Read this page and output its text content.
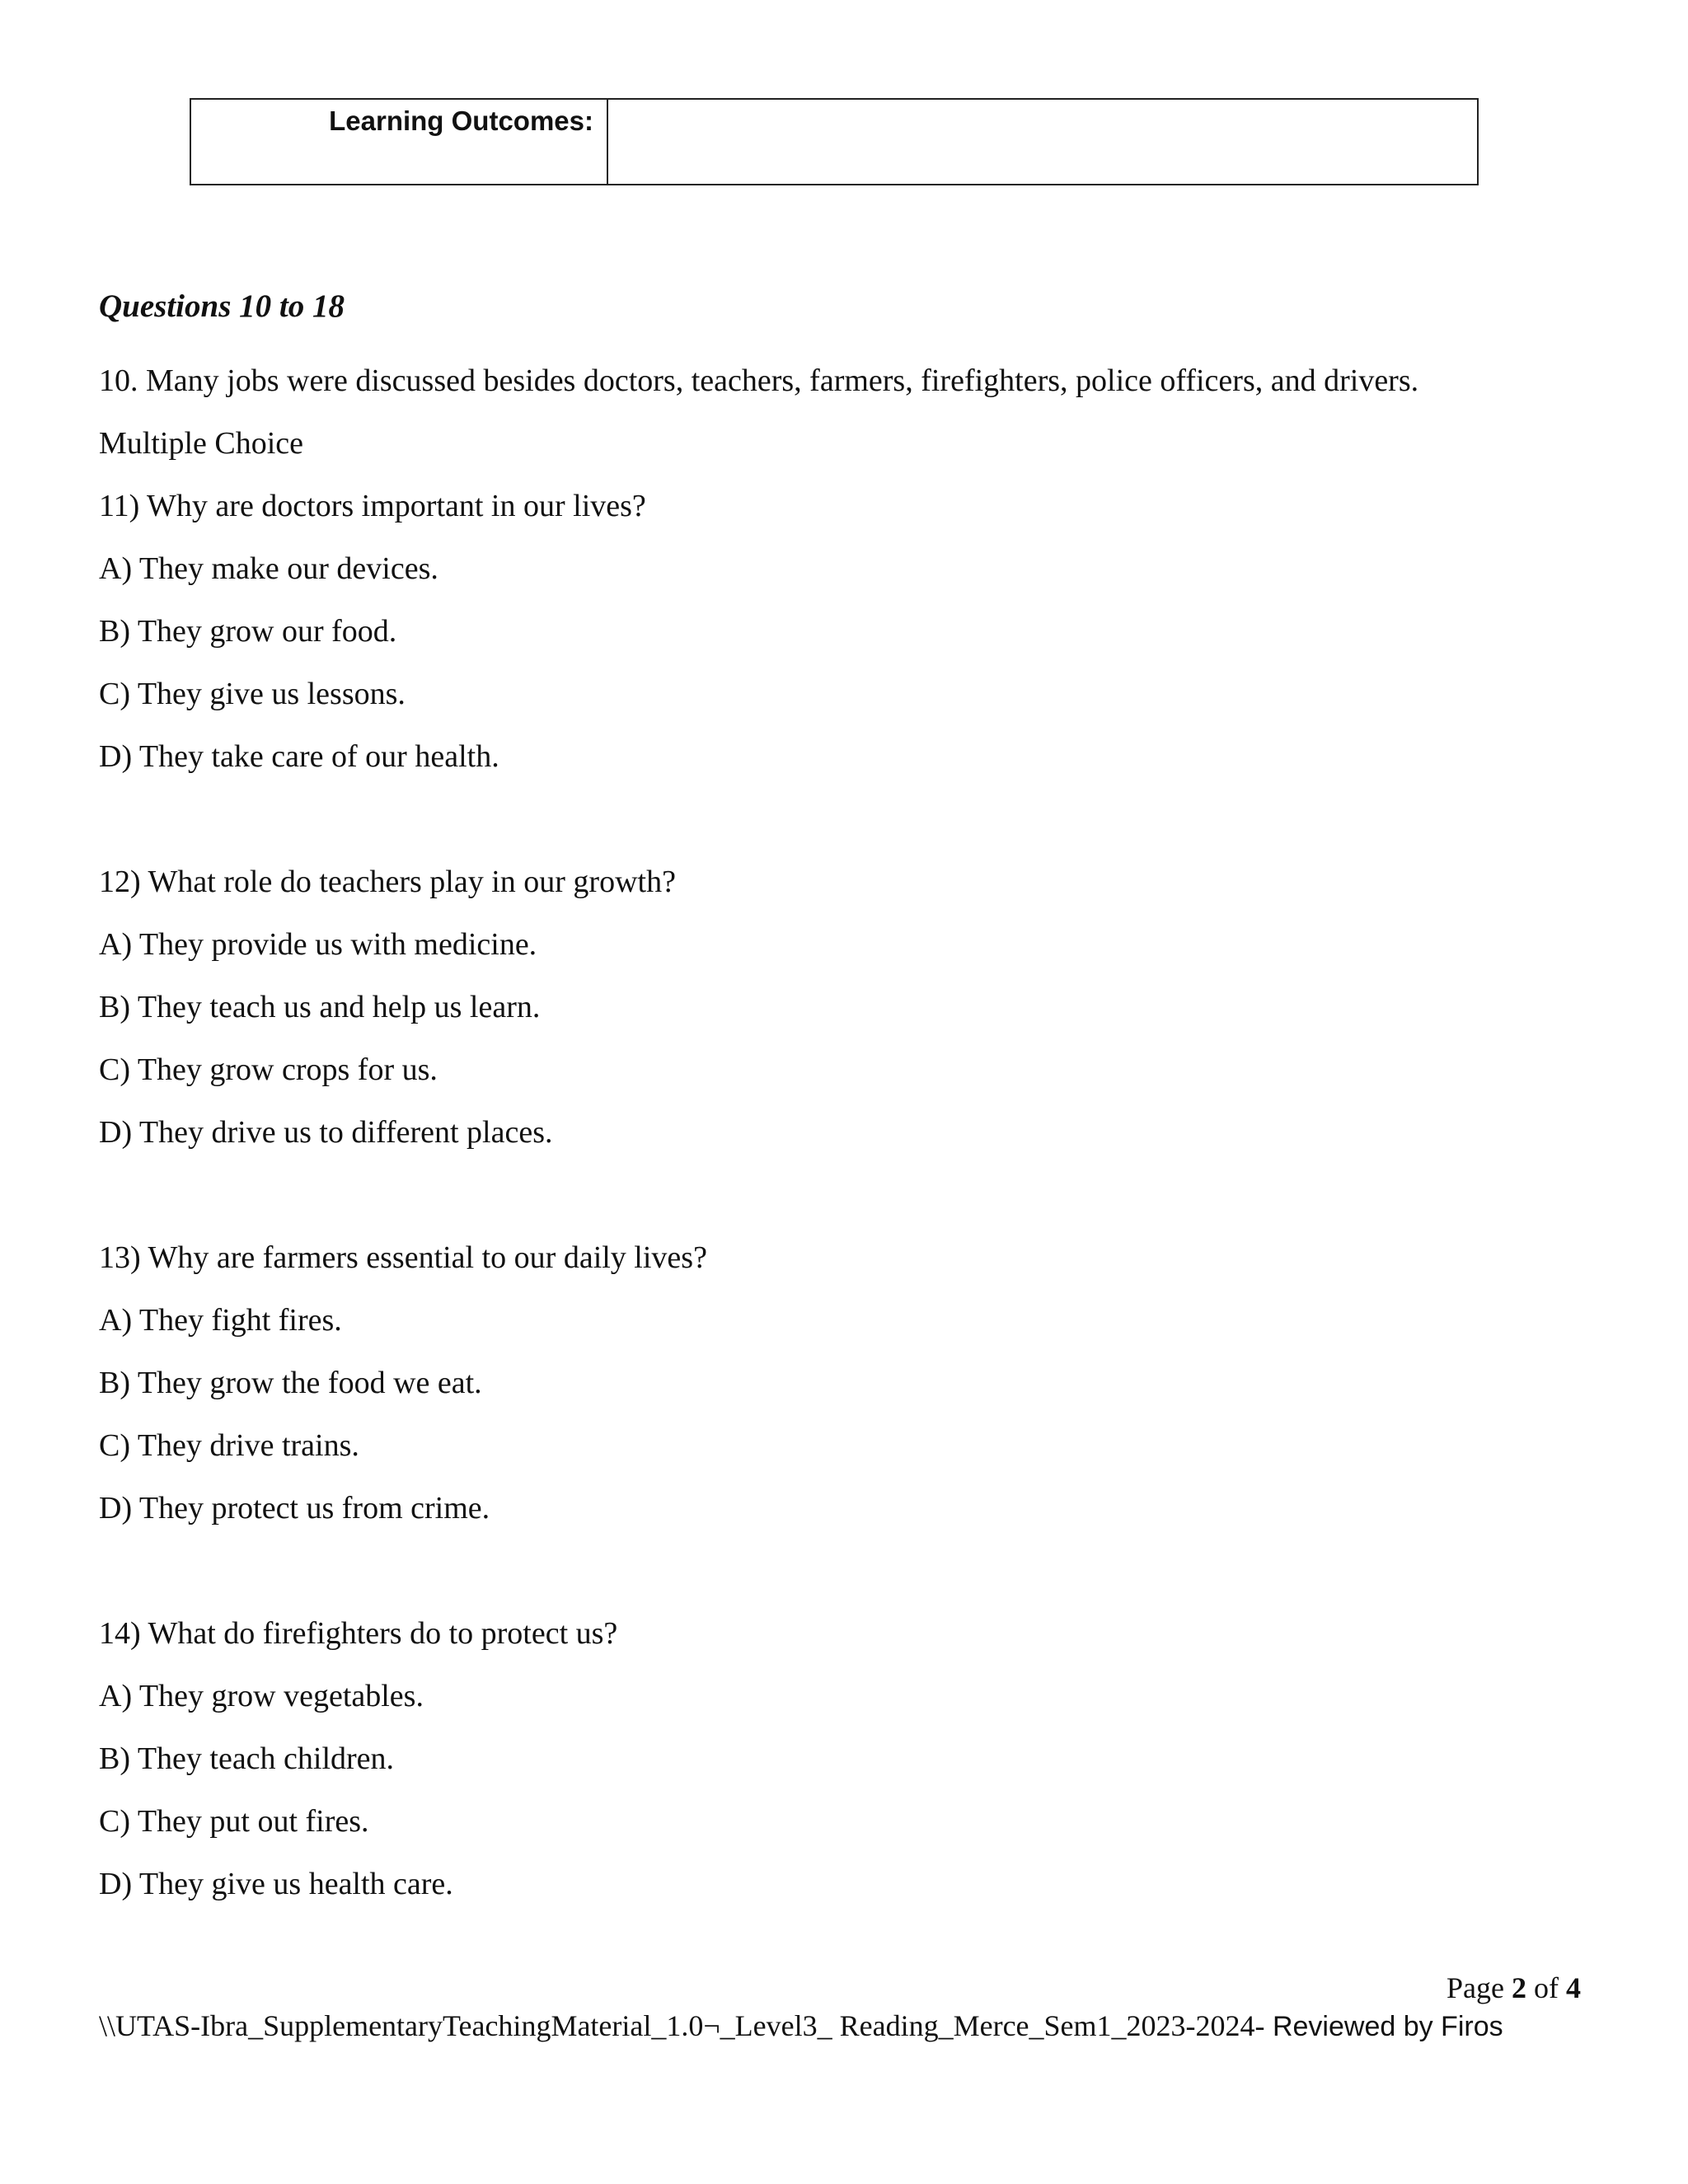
Learning Outcomes:
Questions 10 to 18
10. Many jobs were discussed besides doctors, teachers, farmers, firefighters, police officers, and drivers.
Multiple Choice
11) Why are doctors important in our lives?
A) They make our devices.
B) They grow our food.
C) They give us lessons.
D) They take care of our health.
12) What role do teachers play in our growth?
A) They provide us with medicine.
B) They teach us and help us learn.
C) They grow crops for us.
D) They drive us to different places.
13) Why are farmers essential to our daily lives?
A) They fight fires.
B) They grow the food we eat.
C) They drive trains.
D) They protect us from crime.
14) What do firefighters do to protect us?
A) They grow vegetables.
B) They teach children.
C) They put out fires.
D) They give us health care.
Page 2 of 4
\\UTAS-Ibra_SupplementaryTeachingMaterial_1.0¬_Level3_ Reading_Merce_Sem1_2023-2024- Reviewed by Firos
